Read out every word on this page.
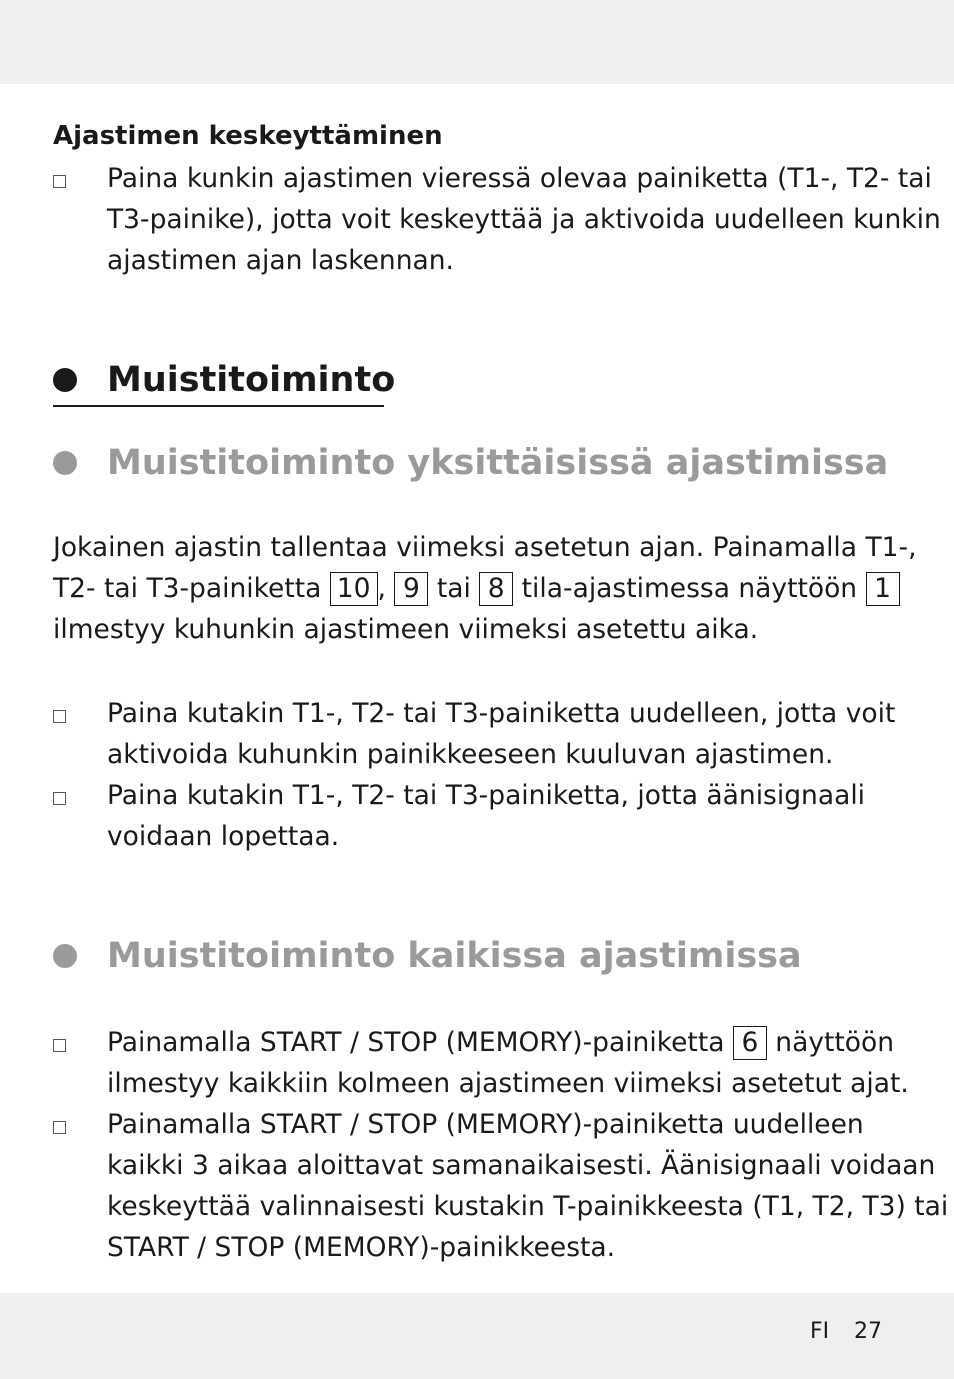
Ajastimen keskeyttäminen
Paina kunkin ajastimen vieressä olevaa painiketta (T1-, T2- tai
T3-painike), jotta voit keskeyttää ja aktivoida uudelleen kunkin
ajastimen ajan laskennan.
Muistitoiminto
Muistitoiminto yksittäisissä ajastimissa
Jokainen ajastin tallentaa viimeksi asetetun ajan. Painamalla T1-,
T2- tai T3-painiketta 10 , 9 tai 8 tila-ajastimessa näyttöön 1
ilmestyy kuhunkin ajastimeen viimeksi asetettu aika.
Paina kutakin T1-, T2- tai T3-painiketta uudelleen, jotta voit
aktivoida kuhunkin painikkeeseen kuuluvan ajastimen.
Paina kutakin T1-, T2- tai T3-painiketta, jotta äänisignaali
voidaan lopettaa.
Muistitoiminto kaikissa ajastimissa
Painamalla START / STOP (MEMORY)-painiketta 6 näyttöön
ilmestyy kaikkiin kolmeen ajastimeen viimeksi asetetut ajat.
Painamalla START / STOP (MEMORY)-painiketta uudelleen
kaikki 3 aikaa aloittavat samanaikaisesti. Äänisignaali voidaan
keskeyttää valinnaisesti kustakin T-painikkeesta (T1, T2, T3) tai
START / STOP (MEMORY)-painikkeesta.
FI 27
